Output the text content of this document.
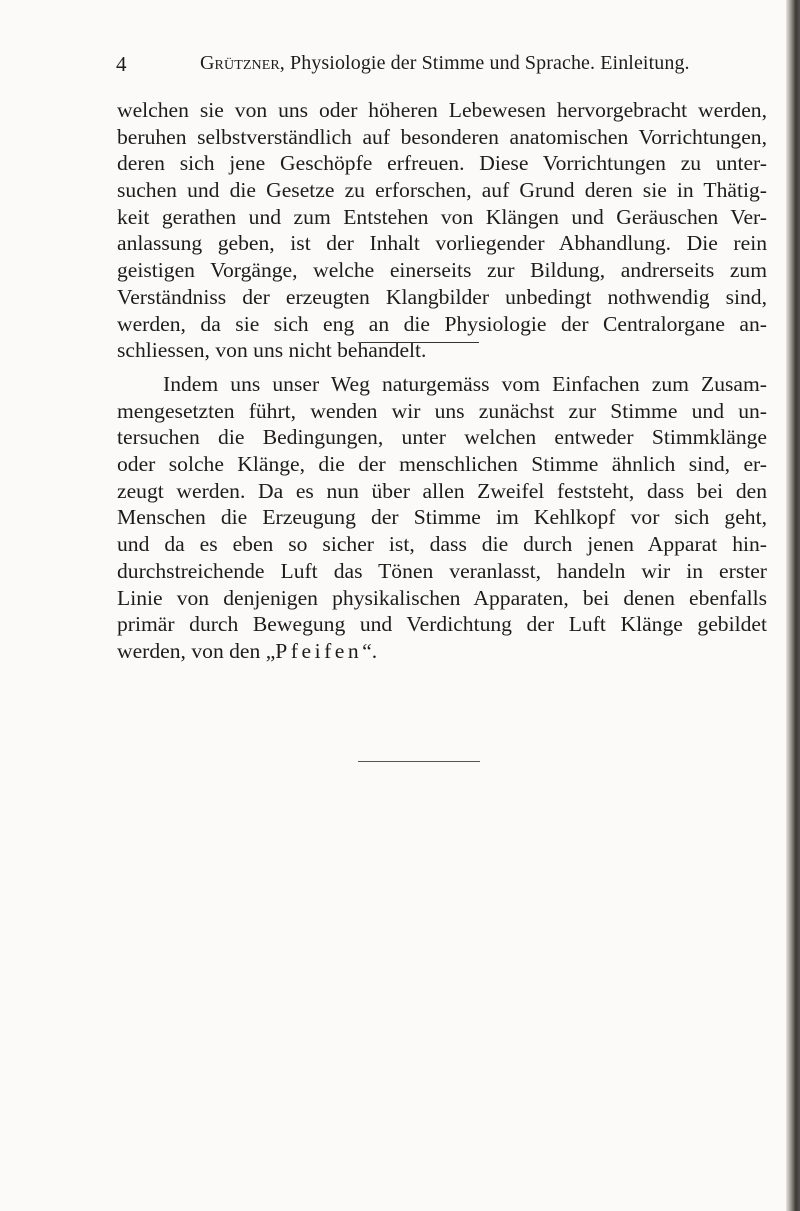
4	Grützner, Physiologie der Stimme und Sprache. Einleitung.
welchen sie von uns oder höheren Lebewesen hervorgebracht werden,
beruhen selbstverständlich auf besonderen anatomischen Vorrichtungen,
deren sich jene Geschöpfe erfreuen. Diese Vorrichtungen zu unter-
suchen und die Gesetze zu erforschen, auf Grund deren sie in Thätig-
keit gerathen und zum Entstehen von Klängen und Geräuschen Ver-
anlassung geben, ist der Inhalt vorliegender Abhandlung. Die rein
geistigen Vorgänge, welche einerseits zur Bildung, andrerseits zum
Verständniss der erzeugten Klangbilder unbedingt nothwendig sind,
werden, da sie sich eng an die Physiologie der Centralorgane an-
schliessen, von uns nicht behandelt.
Indem uns unser Weg naturgemäss vom Einfachen zum Zusam-
mengesetzten führt, wenden wir uns zunächst zur Stimme und un-
tersuchen die Bedingungen, unter welchen entweder Stimmklänge
oder solche Klänge, die der menschlichen Stimme ähnlich sind, er-
zeugt werden. Da es nun über allen Zweifel feststeht, dass bei den
Menschen die Erzeugung der Stimme im Kehlkopf vor sich geht,
und da es eben so sicher ist, dass die durch jenen Apparat hin-
durchstreichende Luft das Tönen veranlasst, handeln wir in erster
Linie von denjenigen physikalischen Apparaten, bei denen ebenfalls
primär durch Bewegung und Verdichtung der Luft Klänge gebildet
werden, von den „Pfeifen“.
